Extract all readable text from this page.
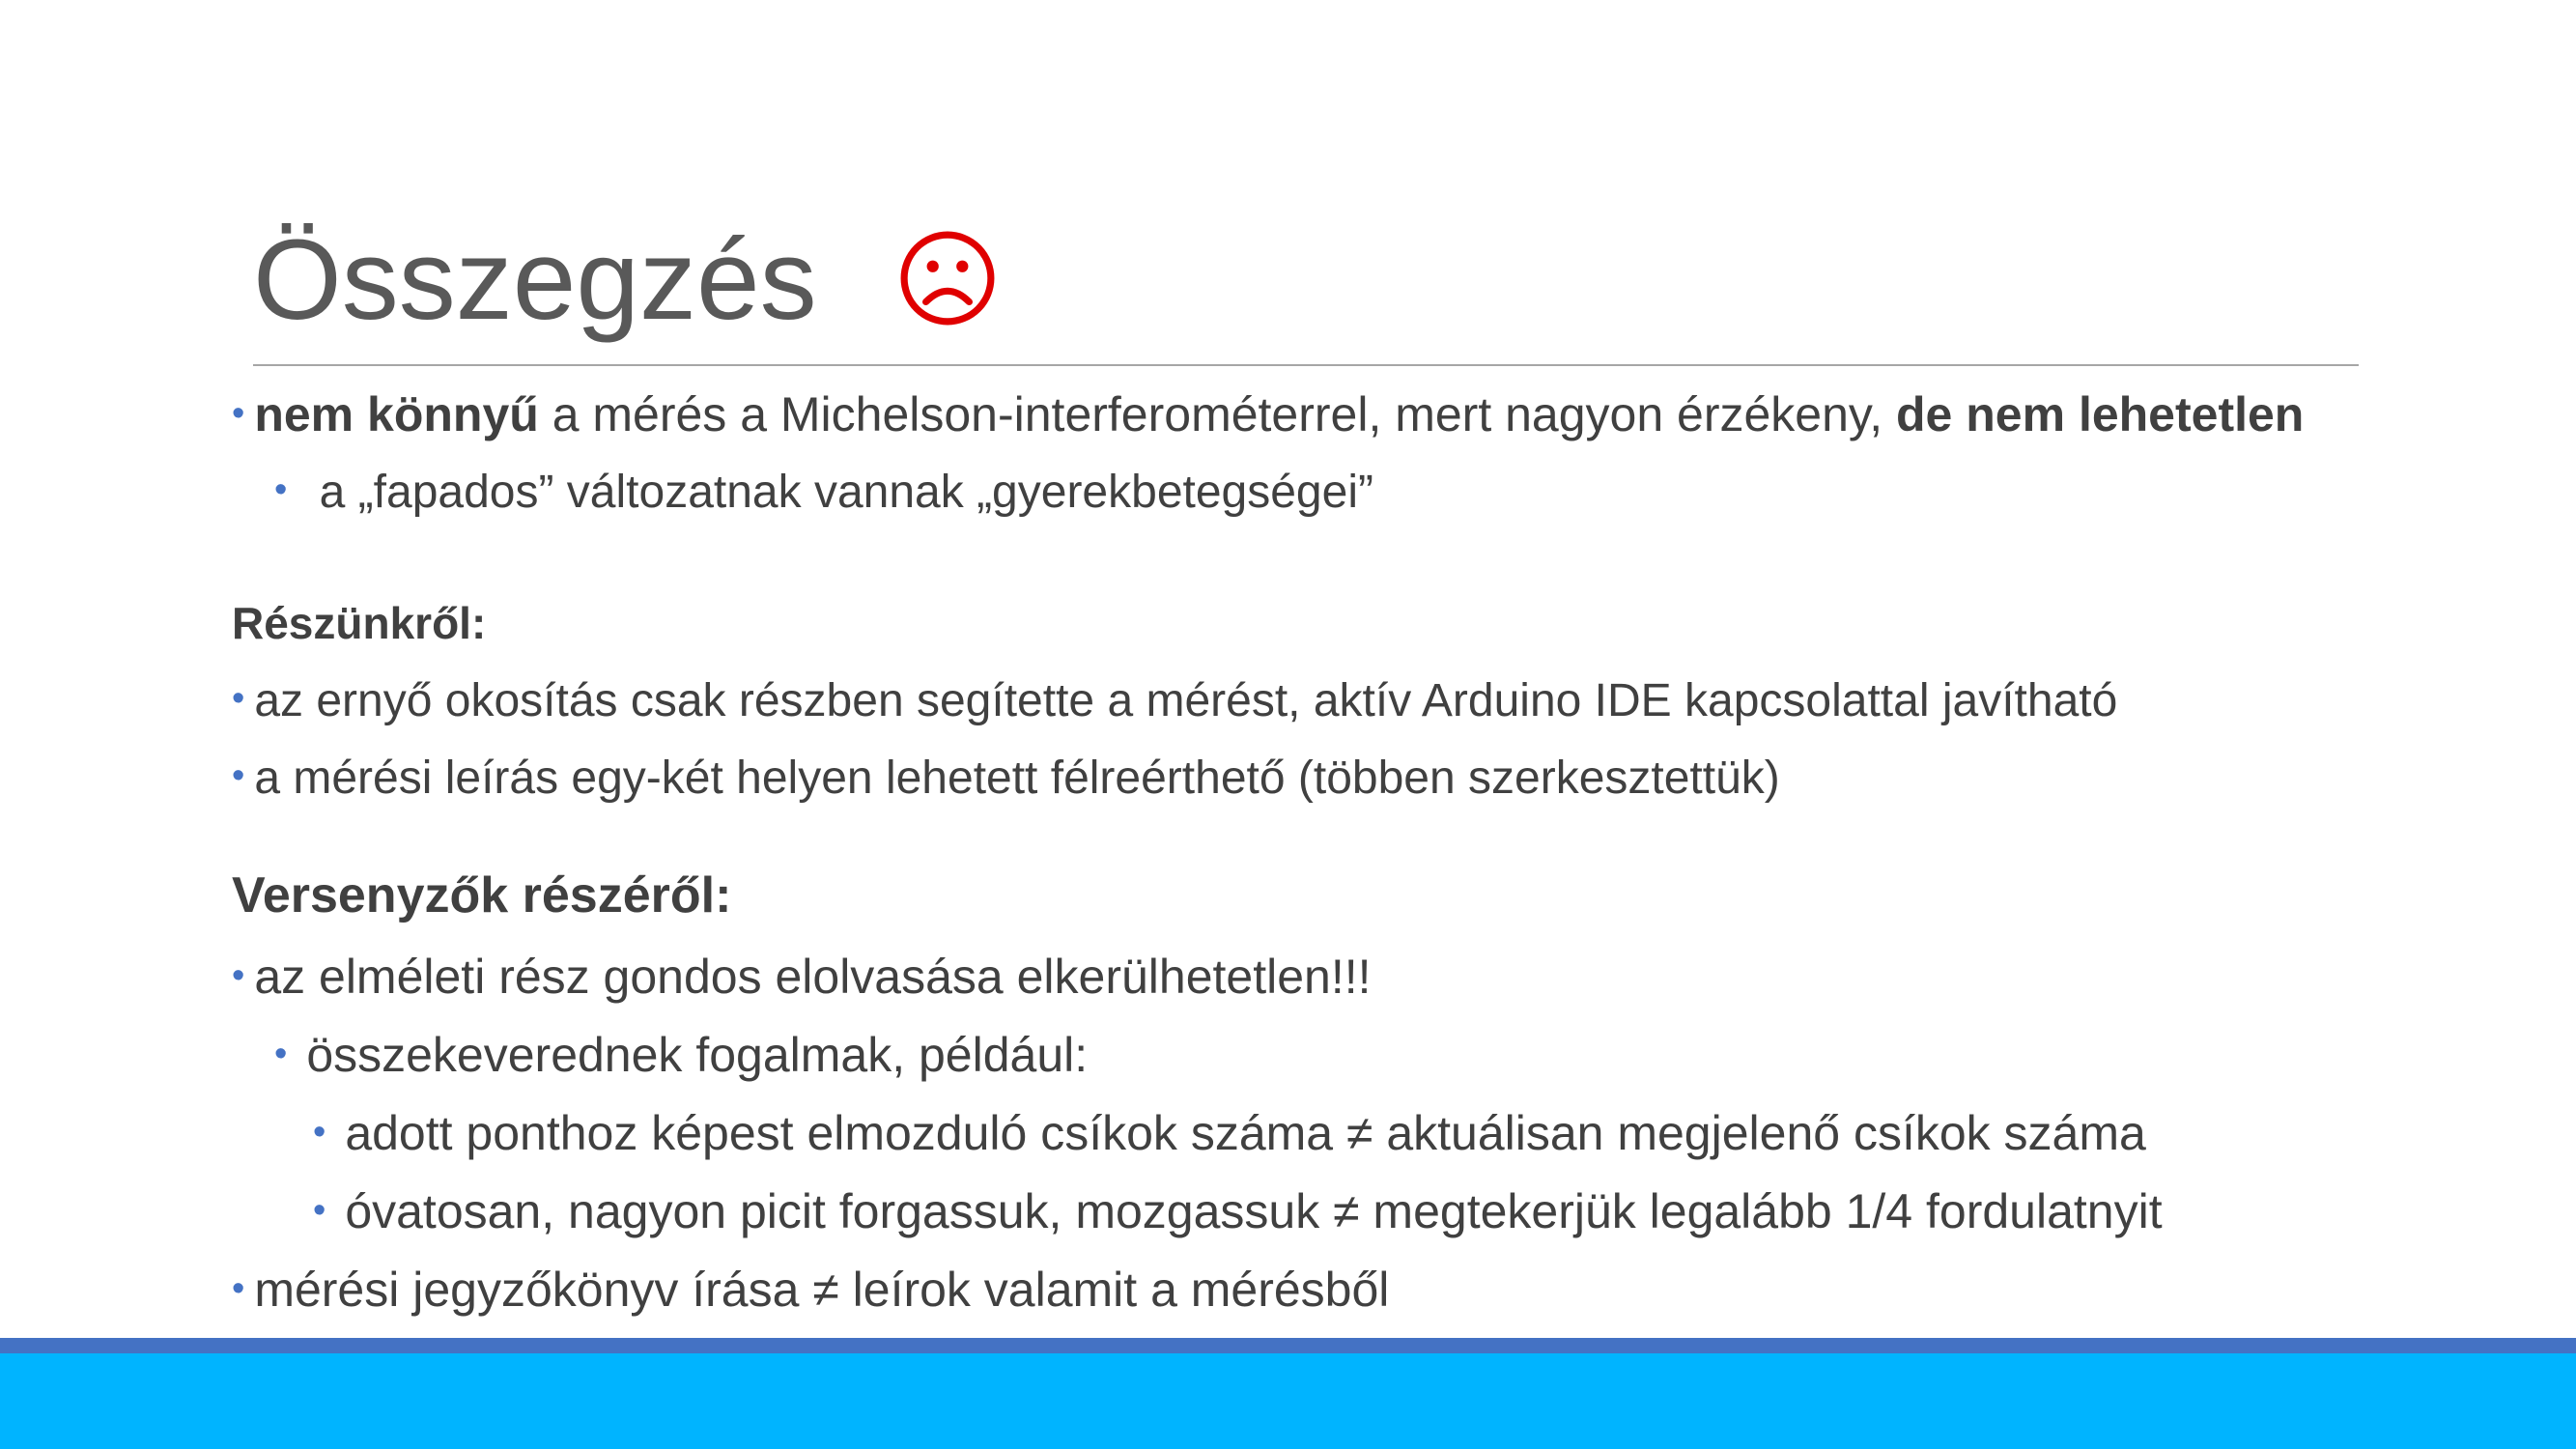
Összegzés
• nem könnyű a mérés a Michelson-interferométerrel, mert nagyon érzékeny, de nem lehetetlen
• a „fapados” változatnak vannak „gyerekbetegségei”
Részünkről:
• az ernyő okosítás csak részben segítette a mérést, aktív Arduino IDE kapcsolattal javítható
• a mérési leírás egy-két helyen lehetett félreérthető (többen szerkesztettük)
Versenyzők részéről:
• az elméleti rész gondos elolvasása elkerülhetetlen!!!
• összekeverednek fogalmak, például:
• adott ponthoz képest elmozduló csíkok száma ≠ aktuálisan megjelenő csíkok száma
• óvatosan, nagyon picit forgassuk, mozgassuk ≠ megtekerjük legalább 1/4 fordulatnyit
• mérési jegyzőkönyv írása ≠ leírok valamit a mérésből
